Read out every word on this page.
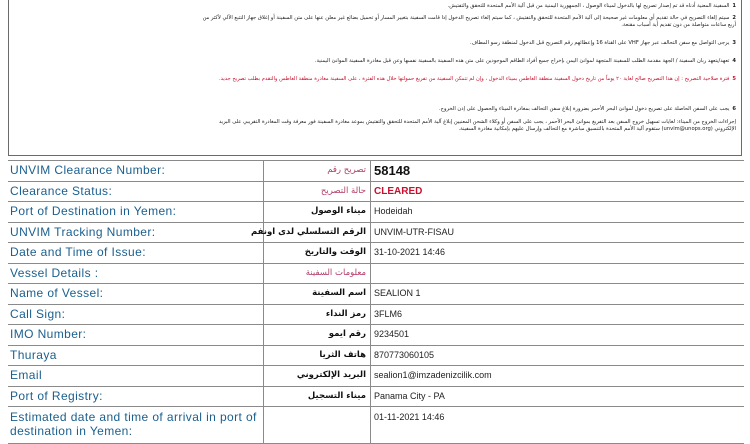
1السفينة المعنية أدناه قد تم إصدار تصريح لها بالدخول لميناء الوصول ، الجمهورية اليمنية من قبل آلية الأمم المتحدة للتحقق والتفتيش.
2سيتم إلغاء التصريح في حالة تقديم أي معلومات غير صحيحة إلى آلية الأمم المتحدة للتحقق والتفتيش ، كما سيتم إلغاء تصريح الدخول إذا قامت السفينة بتغيير المسار أو تحميل بضائع غير معلن عنها على متن السفينة أو إغلاق جهاز التتبع الآلي لأكثر من
أربع ساعات متواصلة من دون تقديم أية أسباب مقنعة.
3يرجى التواصل مع سفن التحالف عبر جهاز VHF على القناة 16 وإعطائهم رقم التصريح قبل الدخول لمنطقة رسو المطاف.
4تعهد/يتعهد ربان السفينة / الجهة مقدمة الطلب للسفينة المتجهة لموانئ اليمن بإخراج جميع أفراد الطاقم الموجودين على متن هذه السفينة بالسفينة نفسها وعن قبل مغادرة السفينة الموانئ اليمنية.
5فترة صلاحية التصريح : إن هذا التصريح صالح لغاية ٢٠ يوماً من تاريخ دخول السفينة منطقة الغاطس بميناء الدخول ، وإن لم تتمكن السفينة من تفريغ حمولتها خلال هذه الفترة ، على السفينة مغادرة منطقة الغاطس والتقدم بطلب تصريح جديد.
6يجب على السفن الحاصلة على تصريح دخول لموانئ البحر الأحمر بضرورة إبلاغ سفن التحالف بمغادرة الميناء والحصول على إذن الخروج.
إجراءات الخروج من الميناء: لغايات تسهيل خروج السفن بعد التفريغ بموانئ البحر الأحمر ، يجب على السفن أو وكلاء الشحن المعنيين إبلاغ آلية الأمم المتحدة للتحقق والتفتيش بموعد مغادرة السفينة فور معرفة وقت المغادرة التقريبي على البريد
الإلكتروني (unvim@unops.org) ستقوم آلية الأمم المتحدة بالتنسيق مباشرة مع التحالف وإرسال عليهم بإمكانية مغادرة السفينة.
UNVIM Clearance Number:	تصريح رقم 58148
Clearance Status:	حالة التصريح CLEARED
Port of Destination in Yemen:	ميناء الوصول Hodeidah
UNVIM Tracking Number:	الرقم التسلسلي لدى اونفم UNVIM-UTR-FISAU
Date and Time of Issue:	الوقت والتاريخ 31-10-2021 14:46
Vessel Details :	معلومات السفينة
Name of Vessel:	اسم السفينة SEALION 1
Call Sign:	رمز النداء 3FLM6
IMO Number:	رقم ايمو 9234501
Thuraya	هاتف الثريا 870773060105
Email	البريد الإلكتروني sealion1@imzadenizcilik.com
Port of Registry:	ميناء التسجيل Panama City - PA
Estimated date and time of arrival in port of destination in Yemen:
01-11-2021 14:46
